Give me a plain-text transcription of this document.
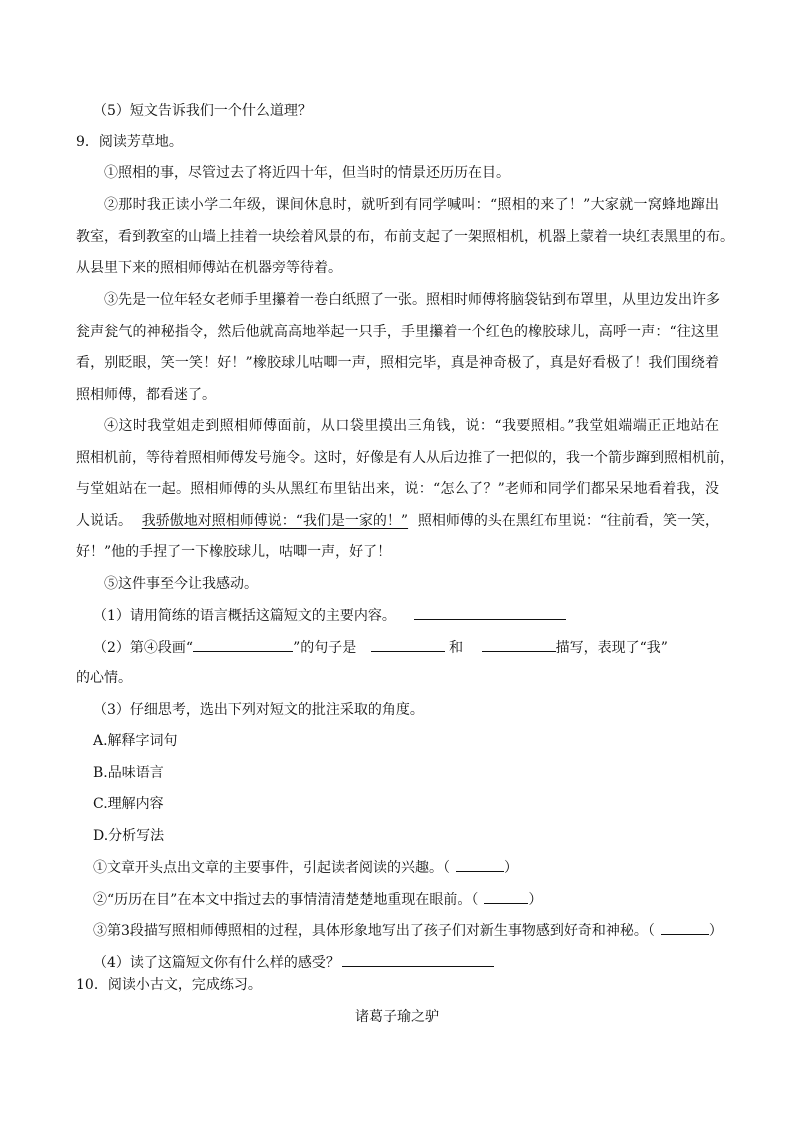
（5）短文告诉我们一个什么道理？
9．阅读芳草地。
①照相的事，尽管过去了将近四十年，但当时的情景还历历在目。
②那时我正读小学二年级，课间休息时，就听到有同学喊叫：“照相的来了！”大家就一窝蜂地蹿出
教室，看到教室的山墙上挂着一块绘着风景的布，布前支起了一架照相机，机器上蒙着一块红表黑里的布。
从县里下来的照相师傅站在机器旁等待着。
③先是一位年轻女老师手里攥着一卷白纸照了一张。照相时师傅将脑袋钻到布罩里，从里边发出许多
瓮声瓮气的神秘指令，然后他就高高地举起一只手，手里攥着一个红色的橡胶球儿，高呼一声：“往这里
看，别眨眼，笑一笑！好！”橡胶球儿咕唧一声，照相完毕，真是神奇极了，真是好看极了！我们围绕着
照相师傅，都看迷了。
④这时我堂姐走到照相师傅面前，从口袋里摸出三角钱，说：“我要照相。”我堂姐端端正正地站在
照相机前，等待着照相师傅发号施令。这时，好像是有人从后边推了一把似的，我一个箭步蹿到照相机前，
与堂姐站在一起。照相师傅的头从黑红布里钻出来，说：“怎么了？”老师和同学们都呆呆地看着我，没
人说话。 我骄傲地对照相师傅说：“我们是一家的！” 照相师傅的头在黑红布里说：“往前看，笑一笑，
好！”他的手捏了一下橡胶球儿，咕唧一声，好了！
⑤这件事至今让我感动。
（1）请用简练的语言概括这篇短文的主要内容。
（2）第④段画“	”的句子是	和	描写，表现了“我”
的心情。
（3）仔细思考，选出下列对短文的批注采取的角度。
A.解释字词句
B.品味语言
C.理解内容
D.分析写法
①文章开头点出文章的主要事件，引起读者阅读的兴趣。（	）
②“历历在目”在本文中指过去的事情清清楚楚地重现在眼前。（	）
③第3段描写照相师傅照相的过程，具体形象地写出了孩子们对新生事物感到好奇和神秘。（	）
（4）读了这篇短文你有什么样的感受？
10．阅读小古文，完成练习。
诸葛子瑜之驴
